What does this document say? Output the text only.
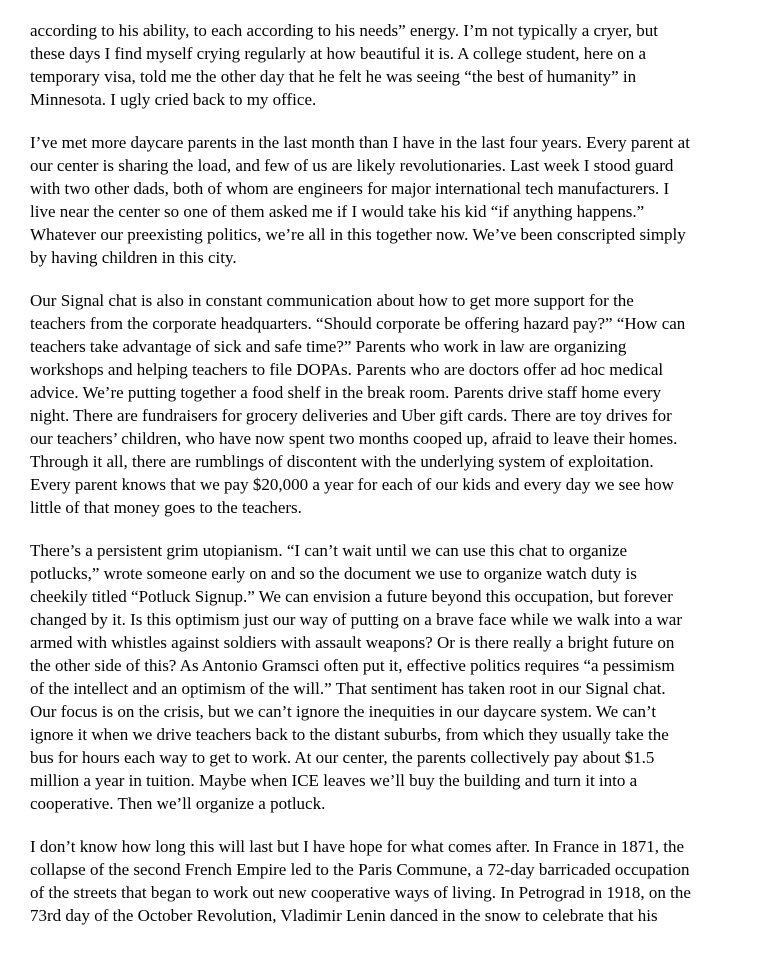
according to his ability, to each according to his needs” energy. I’m not typically a cryer, but
these days I find myself crying regularly at how beautiful it is. A college student, here on a
temporary visa, told me the other day that he felt he was seeing “the best of humanity” in
Minnesota. I ugly cried back to my office.
I’ve met more daycare parents in the last month than I have in the last four years. Every parent at
our center is sharing the load, and few of us are likely revolutionaries. Last week I stood guard
with two other dads, both of whom are engineers for major international tech manufacturers. I
live near the center so one of them asked me if I would take his kid “if anything happens.”
Whatever our preexisting politics, we’re all in this together now. We’ve been conscripted simply
by having children in this city.
Our Signal chat is also in constant communication about how to get more support for the
teachers from the corporate headquarters. “Should corporate be offering hazard pay?” “How can
teachers take advantage of sick and safe time?” Parents who work in law are organizing
workshops and helping teachers to file DOPAs. Parents who are doctors offer ad hoc medical
advice. We’re putting together a food shelf in the break room. Parents drive staff home every
night. There are fundraisers for grocery deliveries and Uber gift cards. There are toy drives for
our teachers’ children, who have now spent two months cooped up, afraid to leave their homes.
Through it all, there are rumblings of discontent with the underlying system of exploitation.
Every parent knows that we pay $20,000 a year for each of our kids and every day we see how
little of that money goes to the teachers.
There’s a persistent grim utopianism. “I can’t wait until we can use this chat to organize
potlucks,” wrote someone early on and so the document we use to organize watch duty is
cheekily titled “Potluck Signup.” We can envision a future beyond this occupation, but forever
changed by it. Is this optimism just our way of putting on a brave face while we walk into a war
armed with whistles against soldiers with assault weapons? Or is there really a bright future on
the other side of this? As Antonio Gramsci often put it, effective politics requires “a pessimism
of the intellect and an optimism of the will.” That sentiment has taken root in our Signal chat.
Our focus is on the crisis, but we can’t ignore the inequities in our daycare system. We can’t
ignore it when we drive teachers back to the distant suburbs, from which they usually take the
bus for hours each way to get to work. At our center, the parents collectively pay about $1.5
million a year in tuition. Maybe when ICE leaves we’ll buy the building and turn it into a
cooperative. Then we’ll organize a potluck.
I don’t know how long this will last but I have hope for what comes after. In France in 1871, the
collapse of the second French Empire led to the Paris Commune, a 72-day barricaded occupation
of the streets that began to work out new cooperative ways of living. In Petrograd in 1918, on the
73rd day of the October Revolution, Vladimir Lenin danced in the snow to celebrate that his
